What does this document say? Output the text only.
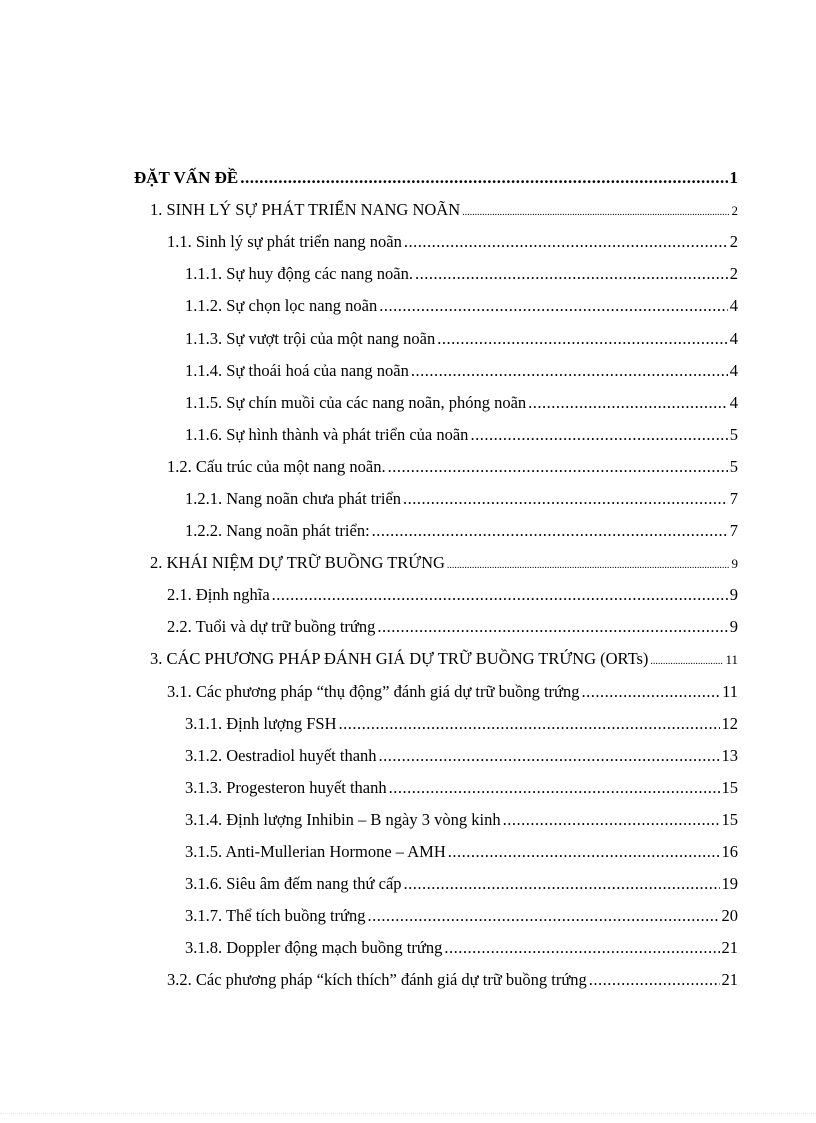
ĐẶT VẤN ĐỀ .....	1
1. SINH LÝ SỰ PHÁT TRIỂN NANG NOÃN .....	2
1.1. Sinh lý sự phát triển nang noãn .....	2
1.1.1. Sự huy động các nang noãn. .....	2
1.1.2. Sự chọn lọc nang noãn .....	4
1.1.3. Sự vượt trội của một nang noãn .....	4
1.1.4. Sự thoái hoá của nang noãn .....	4
1.1.5. Sự chín muồi của các nang noãn, phóng noãn .....	4
1.1.6. Sự hình thành và phát triển của noãn .....	5
1.2. Cấu trúc của một nang noãn. .....	5
1.2.1. Nang noãn chưa phát triển .....	7
1.2.2. Nang noãn phát triển: .....	7
2. KHÁI NIỆM DỰ TRỮ BUỒNG TRỨNG .....	9
2.1. Định nghĩa .....	9
2.2. Tuổi và dự trữ buồng trứng .....	9
3. CÁC PHƯƠNG PHÁP ĐÁNH GIÁ DỰ TRỮ BUỒNG TRỨNG (ORTs) .....	11
3.1. Các phương pháp “thụ động” đánh giá dự trữ buồng trứng .....	11
3.1.1. Định lượng FSH .....	12
3.1.2. Oestradiol huyết thanh .....	13
3.1.3. Progesteron huyết thanh .....	15
3.1.4. Định lượng Inhibin – B ngày 3 vòng kinh .....	15
3.1.5. Anti-Mullerian Hormone – AMH .....	16
3.1.6. Siêu âm đếm nang thứ cấp .....	19
3.1.7. Thể tích buồng trứng .....	20
3.1.8. Doppler động mạch buồng trứng .....	21
3.2. Các phương pháp “kích thích” đánh giá dự trữ buồng trứng .....	21
